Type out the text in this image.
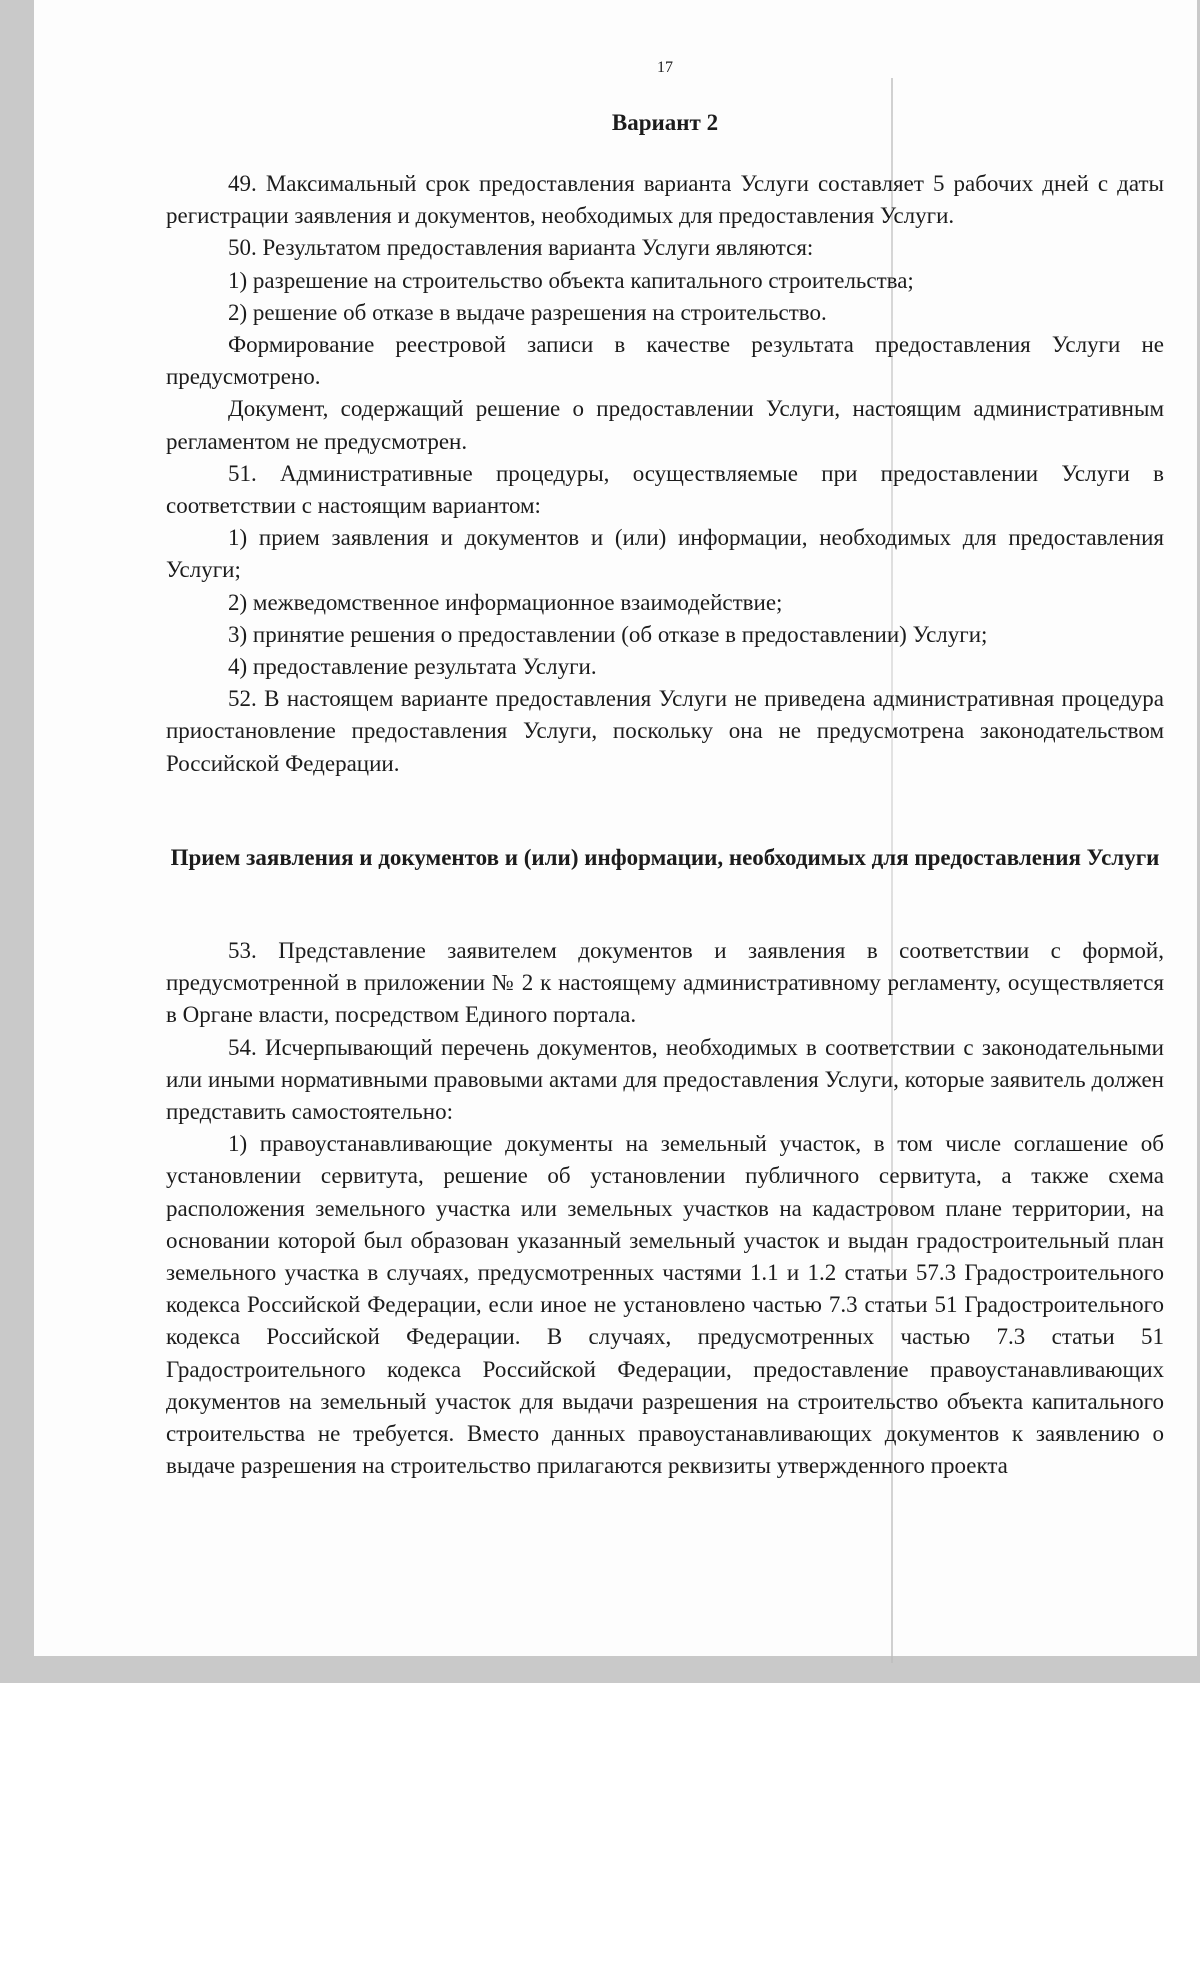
17
Вариант 2

49. Максимальный срок предоставления варианта Услуги составляет 5 рабочих дней с даты регистрации заявления и документов, необходимых для предоставления Услуги.

50. Результатом предоставления варианта Услуги являются:

1) разрешение на строительство объекта капитального строительства;

2) решение об отказе в выдаче разрешения на строительство.

Формирование реестровой записи в качестве результата предоставления Услуги не предусмотрено.

Документ, содержащий решение о предоставлении Услуги, настоящим административным регламентом не предусмотрен.

51. Административные процедуры, осуществляемые при предоставлении Услуги в соответствии с настоящим вариантом:

1) прием заявления и документов и (или) информации, необходимых для предоставления Услуги;

2) межведомственное информационное взаимодействие;

3) принятие решения о предоставлении (об отказе в предоставлении) Услуги;

4) предоставление результата Услуги.

52. В настоящем варианте предоставления Услуги не приведена административная процедура приостановление предоставления Услуги, поскольку она не предусмотрена законодательством Российской Федерации.

Прием заявления и документов и (или) информации, необходимых для предоставления Услуги

53. Представление заявителем документов и заявления в соответствии с формой, предусмотренной в приложении № 2 к настоящему административному регламенту, осуществляется в Органе власти, посредством Единого портала.

54. Исчерпывающий перечень документов, необходимых в соответствии с законодательными или иными нормативными правовыми актами для предоставления Услуги, которые заявитель должен представить самостоятельно:

1) правоустанавливающие документы на земельный участок, в том числе соглашение об установлении сервитута, решение об установлении публичного сервитута, а также схема расположения земельного участка или земельных участков на кадастровом плане территории, на основании которой был образован указанный земельный участок и выдан градостроительный план земельного участка в случаях, предусмотренных частями 1.1 и 1.2 статьи 57.3 Градостроительного кодекса Российской Федерации, если иное не установлено частью 7.3 статьи 51 Градостроительного кодекса Российской Федерации. В случаях, предусмотренных частью 7.3 статьи 51 Градостроительного кодекса Российской Федерации, предоставление правоустанавливающих документов на земельный участок для выдачи разрешения на строительство объекта капитального строительства не требуется. Вместо данных правоустанавливающих документов к заявлению о выдаче разрешения на строительство прилагаются реквизиты утвержденного проекта
